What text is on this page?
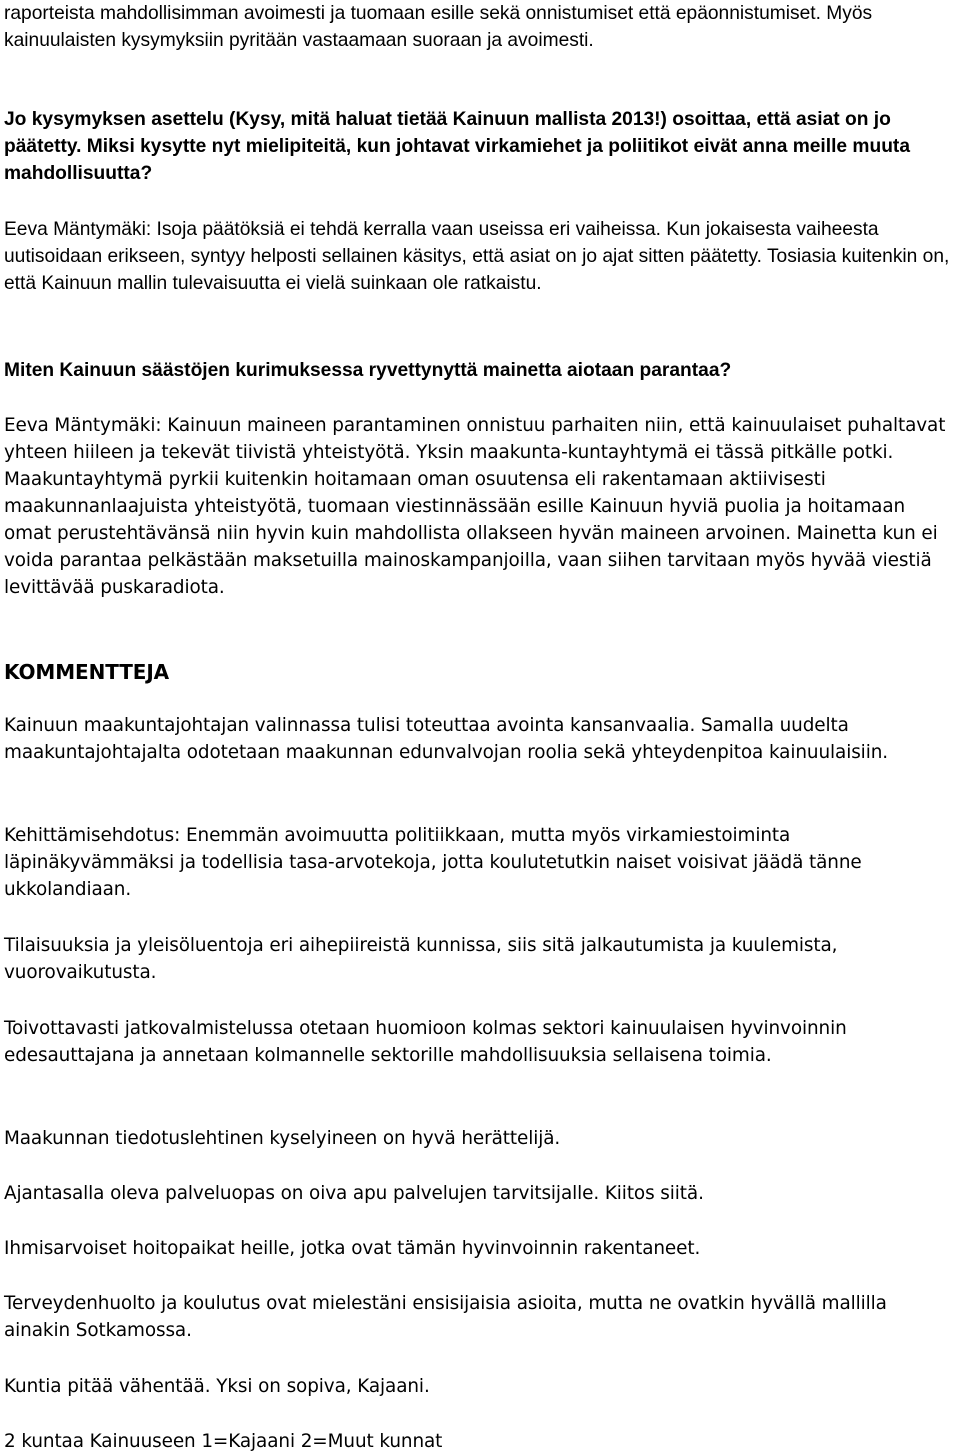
raporteista mahdollisimman avoimesti ja tuomaan esille sekä onnistumiset että epäonnistumiset. Myös kainuulaisten kysymyksiin pyritään vastaamaan suoraan ja avoimesti.

Jo kysymyksen asettelu (Kysy, mitä haluat tietää Kainuun mallista 2013!) osoittaa, että asiat on jo päätetty. Miksi kysytte nyt mielipiteitä, kun johtavat virkamiehet ja poliitikot eivät anna meille muuta mahdollisuutta?

Eeva Mäntymäki: Isoja päätöksiä ei tehdä kerralla vaan useissa eri vaiheissa. Kun jokaisesta vaiheesta uutisoidaan erikseen, syntyy helposti sellainen käsitys, että asiat on jo ajat sitten päätetty. Tosiasia kuitenkin on, että Kainuun mallin tulevaisuutta ei vielä suinkaan ole ratkaistu.

Miten Kainuun säästöjen kurimuksessa ryvettynyttä mainetta aiotaan parantaa?

Eeva Mäntymäki: Kainuun maineen parantaminen onnistuu parhaiten niin, että kainuulaiset puhaltavat yhteen hiileen ja tekevät tiivistä yhteistyötä. Yksin maakunta-kuntayhtymä ei tässä pitkälle potki. Maakuntayhtymä pyrkii kuitenkin hoitamaan oman osuutensa eli rakentamaan aktiivisesti maakunnanlaajuista yhteistyötä, tuomaan viestinnässään esille Kainuun hyviä puolia ja hoitamaan omat perustehtävänsä niin hyvin kuin mahdollista ollakseen hyvän maineen arvoinen. Mainetta kun ei voida parantaa pelkästään maksetuilla mainoskampanjoilla, vaan siihen tarvitaan myös hyvää viestiä levittävää puskaradiota.

KOMMENTTEJA

Kainuun maakuntajohtajan valinnassa tulisi toteuttaa avointa kansanvaalia. Samalla uudelta maakuntajohtajalta odotetaan maakunnan edunvalvojan roolia sekä yhteydenpitoa kainuulaisiin.

Kehittämisehdotus: Enemmän avoimuutta politiikkaan, mutta myös virkamiestoiminta läpinäkyvämmäksi ja todellisia tasa-arvotekoja, jotta koulutetutkin naiset voisivat jäädä tänne ukkolandiaan.

Tilaisuuksia ja yleisöluentoja eri aihepiireistä kunnissa, siis sitä jalkautumista ja kuulemista, vuorovaikutusta.

Toivottavasti jatkovalmistelussa otetaan huomioon kolmas sektori kainuulaisen hyvinvoinnin edesauttajana ja annetaan kolmannelle sektorille mahdollisuuksia sellaisena toimia.

Maakunnan tiedotuslehtinen kyselyineen on hyvä herättelijä.

Ajantasalla oleva palveluopas on oiva apu palvelujen tarvitsijalle. Kiitos siitä.

Ihmisarvoiset hoitopaikat heille, jotka ovat tämän hyvinvoinnin rakentaneet.

Terveydenhuolto ja koulutus ovat mielestäni ensisijaisia asioita, mutta ne ovatkin hyvällä mallilla ainakin Sotkamossa.

Kuntia pitää vähentää. Yksi on sopiva, Kajaani.

2 kuntaa Kainuuseen 1=Kajaani 2=Muut kunnat
